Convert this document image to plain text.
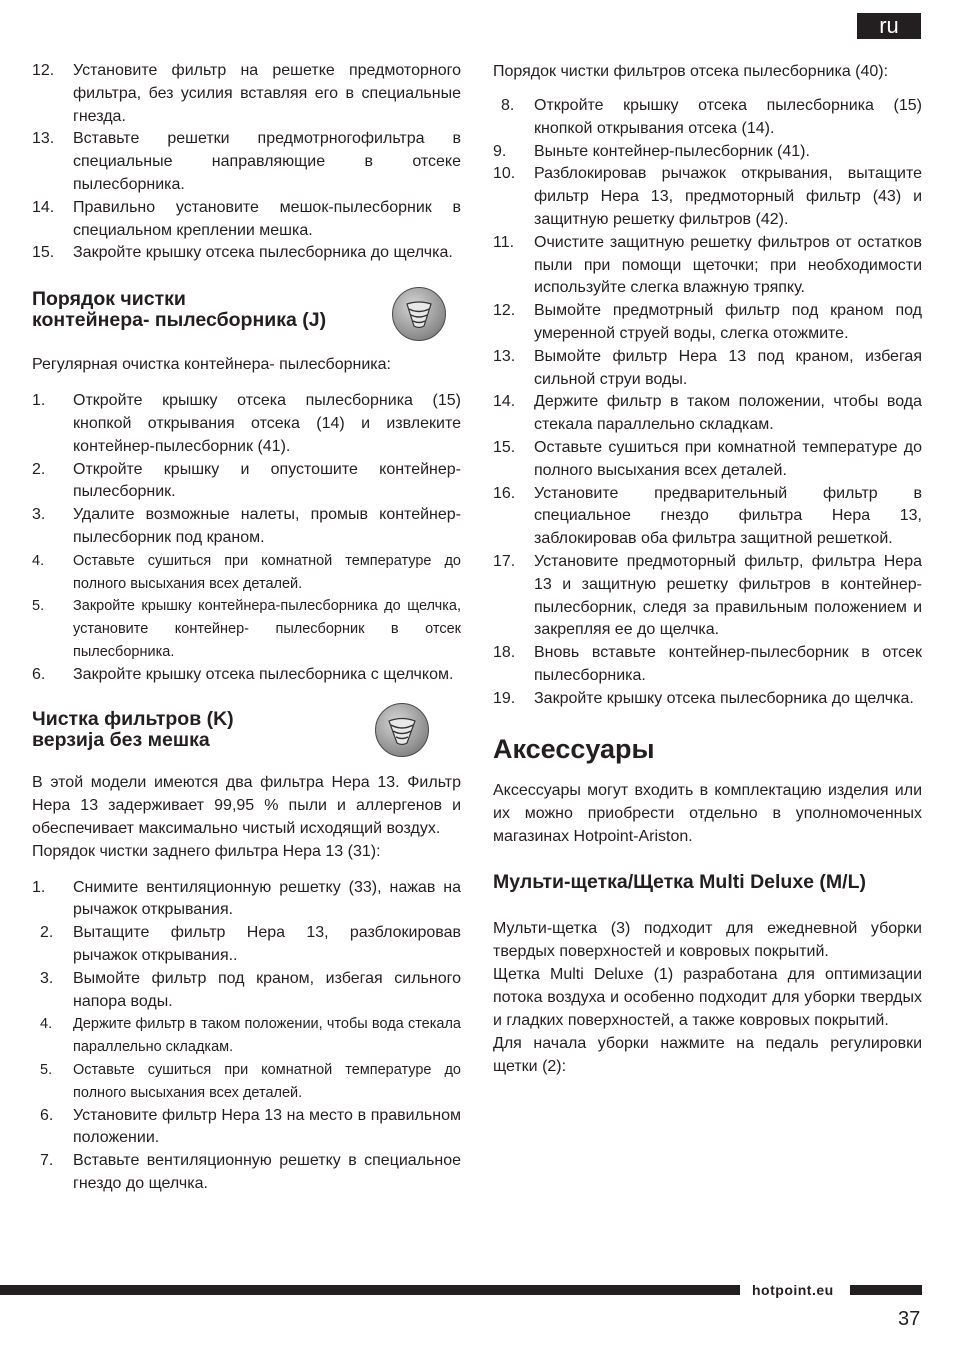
ru
12.	Установите фильтр на решетке предмоторного фильтра, без усилия вставляя его в специальные гнезда.
13.	Вставьте решетки предмотрногофильтра в специальные направляющие в отсеке пылесборника.
14.	Правильно установите мешок-пылесборник в специальном креплении мешка.
15.	Закройте крышку отсека пылесборника до щелчка.

Порядок чистки
контейнера- пылесборника (J)

Регулярная очистка контейнера- пылесборника:

1.	Откройте крышку отсека пылесборника (15) кнопкой открывания отсека (14) и извлеките контейнер-пылесборник (41).
2.	Откройте крышку и опустошите контейнер-пылесборник.
3.	Удалите возможные налеты, промыв контейнер-пылесборник под краном.
4.	Оставьте сушиться при комнатной температуре до полного высыхания всех деталей.
5.	Закройте крышку контейнера-пылесборника до щелчка, установите контейнер- пылесборник в отсек пылесборника.
6.	Закройте крышку отсека пылесборника с щелчком.

Чистка фильтров (K)
верзија без мешка

В этой модели имеются два фильтра Hepa 13. Фильтр Hepa 13 задерживает 99,95 % пыли и аллергенов и обеспечивает максимально чистый исходящий воздух.

Порядок чистки заднего фильтра Hepa 13 (31):

1.	Снимите вентиляционную решетку (33), нажав на рычажок открывания.
2.	Вытащите фильтр Hepa 13, разблокировав рычажок открывания..
3.	Вымойте фильтр под краном, избегая сильного напора воды.
4.	Держите фильтр в таком положении, чтобы вода стекала параллельно складкам.
5.	Оставьте сушиться при комнатной температуре до полного высыхания всех деталей.
6.	Установите фильтр Hepa 13 на место в правильном положении.
7.	Вставьте вентиляционную решетку в специальное гнездо до щелчка.

Порядок чистки фильтров отсека пылесборника (40):

8.	Откройте крышку отсека пылесборника (15) кнопкой открывания отсека (14).
9.	Выньте контейнер-пылесборник (41).
10.	Разблокировав рычажок открывания, вытащите фильтр Hepa 13, предмоторный фильтр (43) и защитную решетку фильтров (42).
11.	Очистите защитную решетку фильтров от остатков пыли при помощи щеточки; при необходимости используйте слегка влажную тряпку.
12.	Вымойте предмотрный фильтр под краном под умеренной струей воды, слегка отожмите.
13.	Вымойте фильтр Hepa 13 под краном, избегая сильной струи воды.
14.	Держите фильтр в таком положении, чтобы вода стекала параллельно складкам.
15.	Оставьте сушиться при комнатной температуре до полного высыхания всех деталей.
16.	Установите предварительный фильтр в специальное гнездо фильтра Hepa 13, заблокировав оба фильтра защитной решеткой.
17.	Установите предмоторный фильтр, фильтра Hepa 13 и защитную решетку фильтров в контейнер- пылесборник, следя за правильным положением и закрепляя ее до щелчка.
18.	Вновь вставьте контейнер-пылесборник в отсек пылесборника.
19.	Закройте крышку отсека пылесборника до щелчка.

Аксессуары

Аксессуары могут входить в комплектацию изделия или их можно приобрести отдельно в уполномоченных магазинах Hotpoint-Ariston.

Мульти-щетка/Щетка Multi Deluxe (M/L)

Мульти-щетка (3) подходит для ежедневной уборки твердых поверхностей и ковровых покрытий.

Щетка Multi Deluxe (1) разработана для оптимизации потока воздуха и особенно подходит для уборки твердых и гладких поверхностей, а также ковровых покрытий.

Для начала уборки нажмите на педаль регулировки щетки (2):

hotpoint.eu
37
